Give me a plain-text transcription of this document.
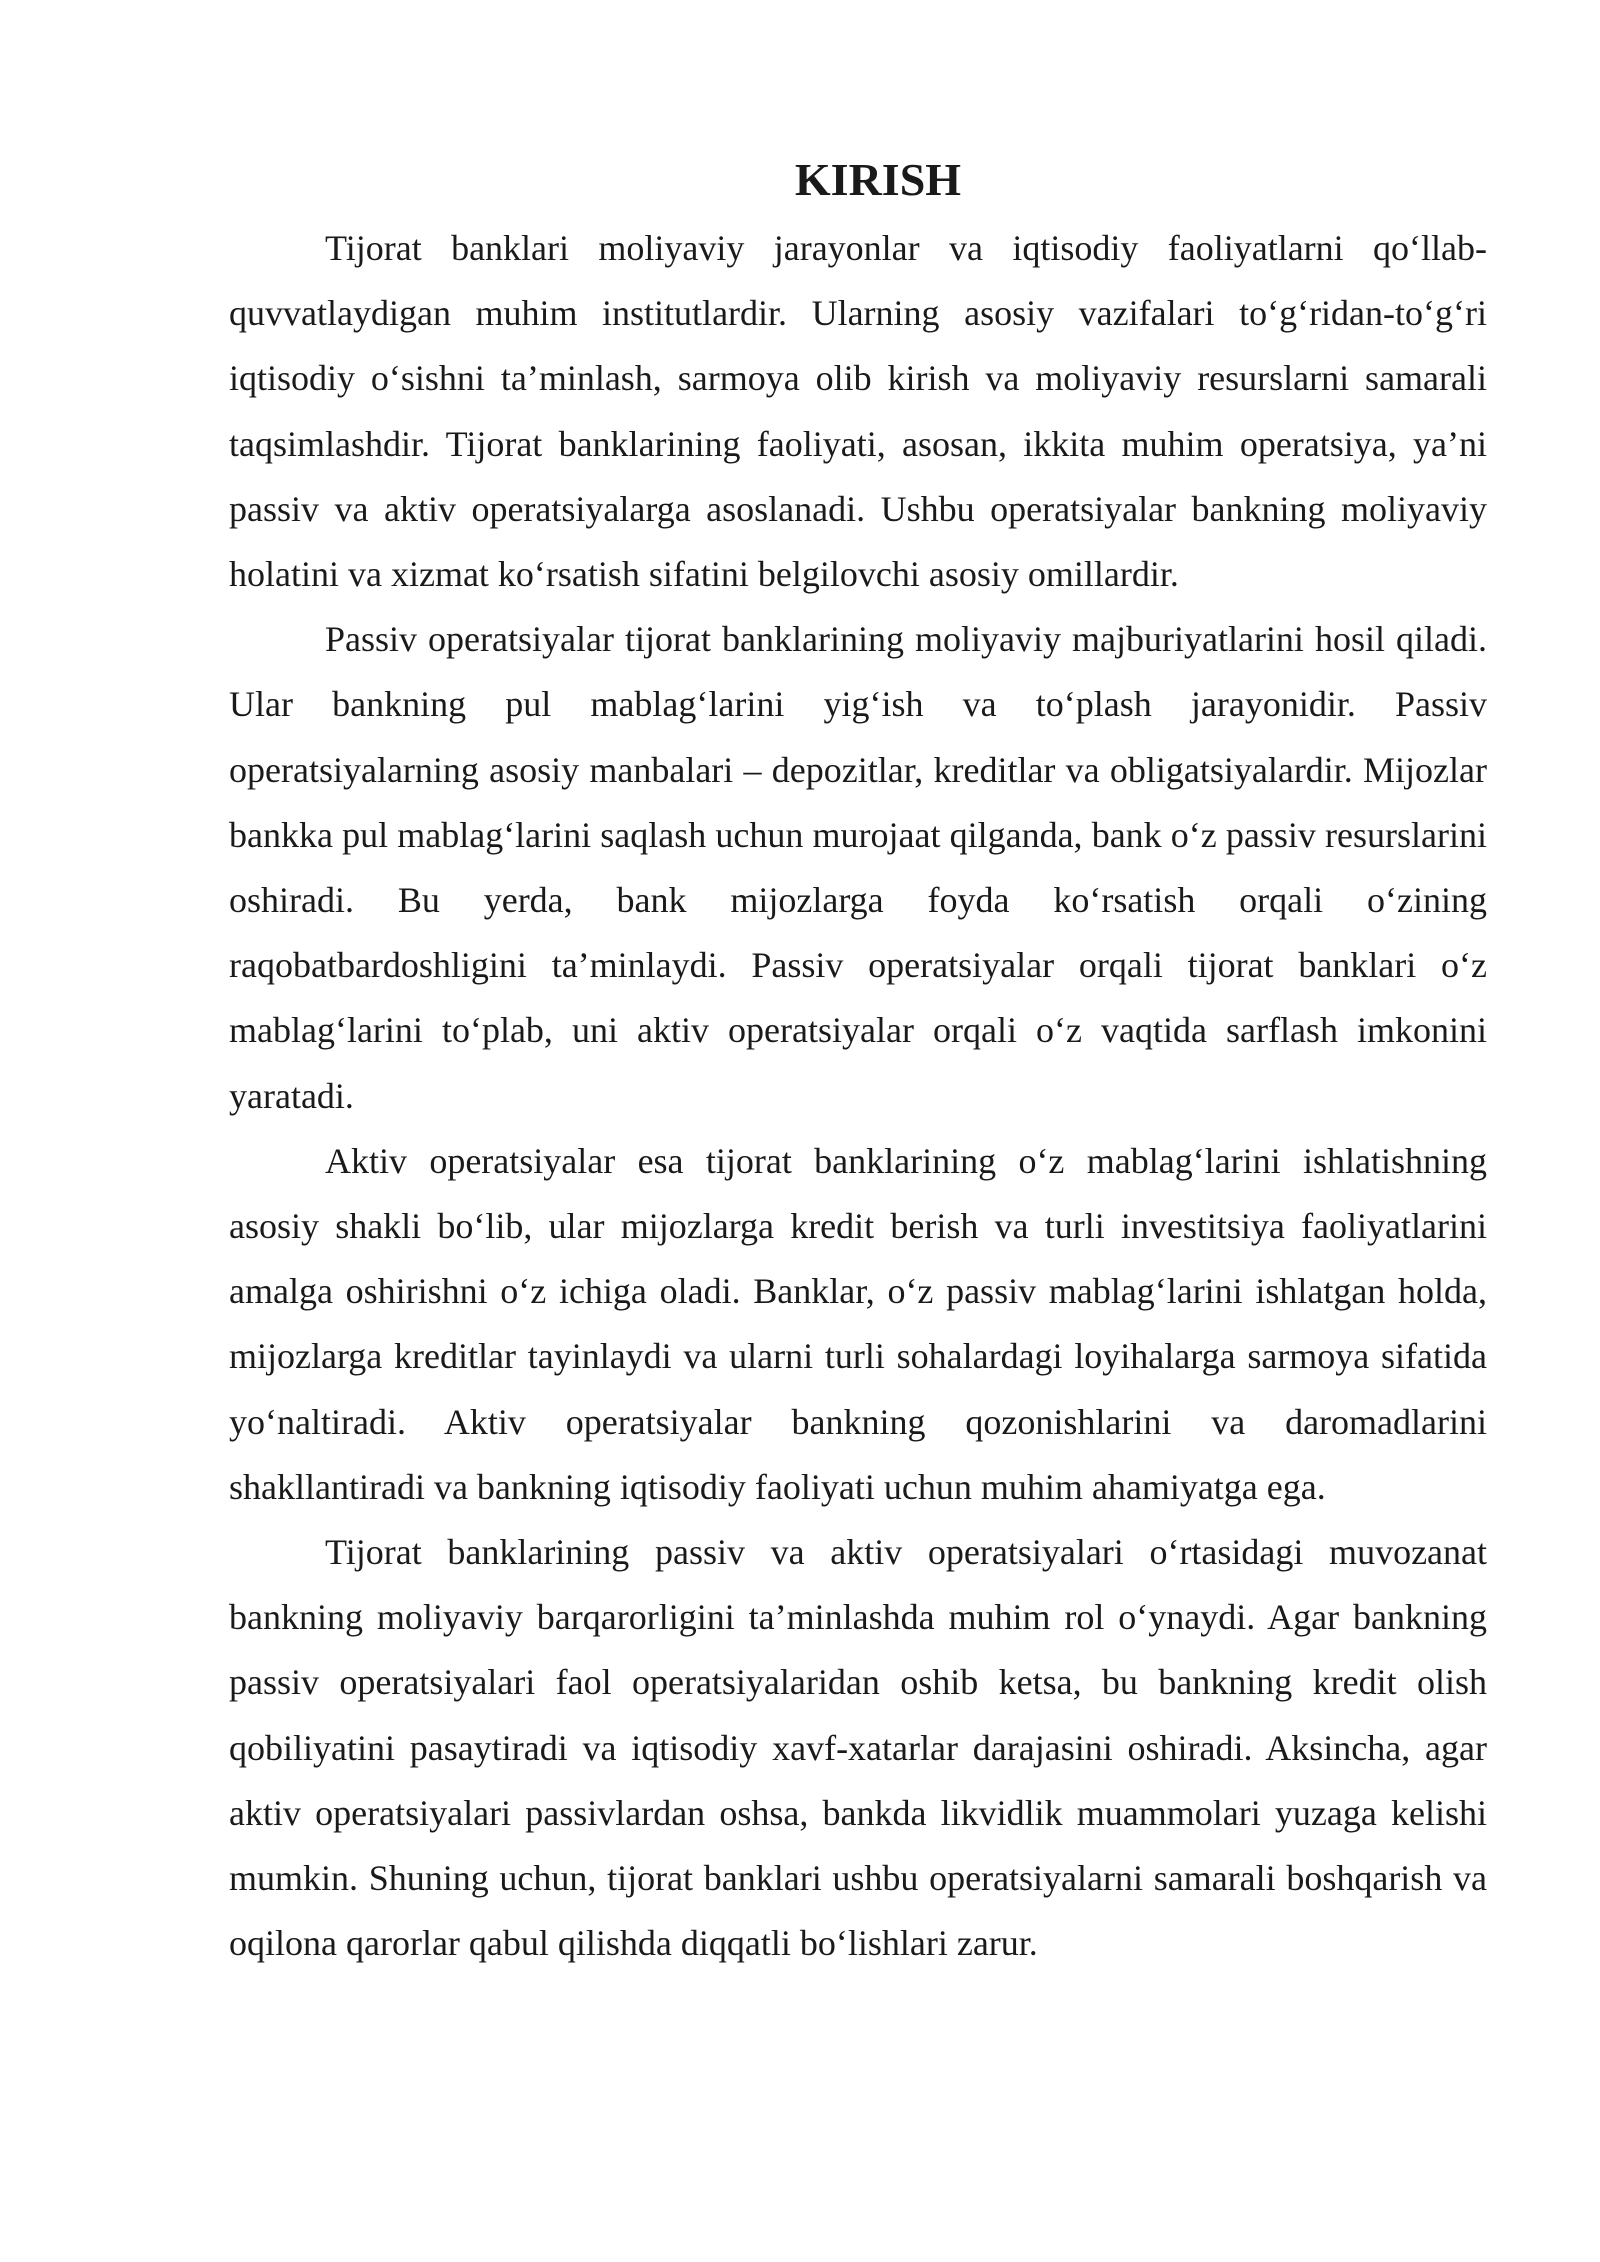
KIRISH

Tijorat banklari moliyaviy jarayonlar va iqtisodiy faoliyatlarni qo‘llab-quvvatlaydigan muhim institutlardir. Ularning asosiy vazifalari to‘g‘ridan-to‘g‘ri iqtisodiy o‘sishni ta’minlash, sarmoya olib kirish va moliyaviy resurslarni samarali taqsimlashdir. Tijorat banklarining faoliyati, asosan, ikkita muhim operatsiya, ya’ni passiv va aktiv operatsiyalarga asoslanadi. Ushbu operatsiyalar bankning moliyaviy holatini va xizmat ko‘rsatish sifatini belgilovchi asosiy omillardir.

Passiv operatsiyalar tijorat banklarining moliyaviy majburiyatlarini hosil qiladi. Ular bankning pul mablag‘larini yig‘ish va to‘plash jarayonidir. Passiv operatsiyalarning asosiy manbalari – depozitlar, kreditlar va obligatsiyalardir. Mijozlar bankka pul mablag‘larini saqlash uchun murojaat qilganda, bank o‘z passiv resurslarini oshiradi. Bu yerda, bank mijozlarga foyda ko‘rsatish orqali o‘zining raqobatbardoshligini ta’minlaydi. Passiv operatsiyalar orqali tijorat banklari o‘z mablag‘larini to‘plab, uni aktiv operatsiyalar orqali o‘z vaqtida sarflash imkonini yaratadi.

Aktiv operatsiyalar esa tijorat banklarining o‘z mablag‘larini ishlatishning asosiy shakli bo‘lib, ular mijozlarga kredit berish va turli investitsiya faoliyatlarini amalga oshirishni o‘z ichiga oladi. Banklar, o‘z passiv mablag‘larini ishlatgan holda, mijozlarga kreditlar tayinlaydi va ularni turli sohalardagi loyihalarga sarmoya sifatida yo‘naltiradi. Aktiv operatsiyalar bankning qozonishlarini va daromadlarini shakllantiradi va bankning iqtisodiy faoliyati uchun muhim ahamiyatga ega.

Tijorat banklarining passiv va aktiv operatsiyalari o‘rtasidagi muvozanat bankning moliyaviy barqarorligini ta’minlashda muhim rol o‘ynaydi. Agar bankning passiv operatsiyalari faol operatsiyalaridan oshib ketsa, bu bankning kredit olish qobiliyatini pasaytiradi va iqtisodiy xavf-xatarlar darajasini oshiradi. Aksincha, agar aktiv operatsiyalari passivlardan oshsa, bankda likvidlik muammolari yuzaga kelishi mumkin. Shuning uchun, tijorat banklari ushbu operatsiyalarni samarali boshqarish va oqilona qarorlar qabul qilishda diqqatli bo‘lishlari zarur.
